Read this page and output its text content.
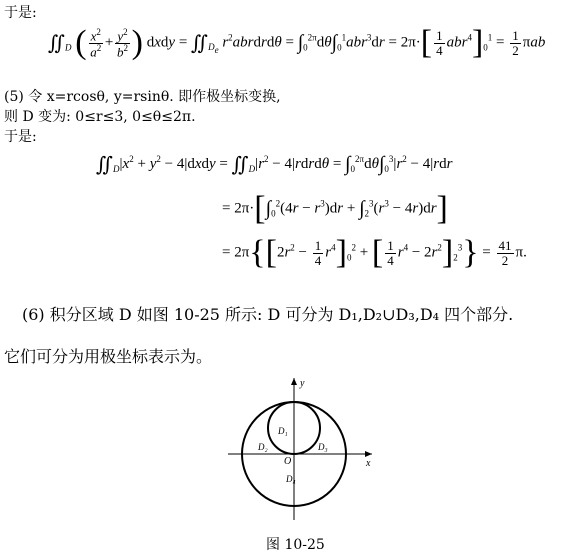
于是:
$∬_D$ ( $\frac{x^2}{a^2} + \frac{y^2}{b^2}$ ) dxdy = $∬_{D_e}$ $r^2abrdrd\theta = \int_0^{2\pi}d\theta\int_0^1abr^3dr = 2\pi\cdot[ \frac{1}{4} abr^4]_0^1 = \frac{1}{2}$ πab
(5) 令 x=rcosθ, y=rsinθ. 即作极坐标变换,
则 D 变为: 0≤r≤3, 0≤θ≤2π.
于是:
$∬_D|x^2 + y^2$ − 4|dxdy = $∬_D|r^2$ − 4|rdrdθ = $\int_0^{2\pi}d\theta\int_0^3|r^2 - 4|rdr$
= $2\pi\cdot[\int_0^2(4r - r^3)dr + \int_2^3(r^3 - 4r)dr]$
= $2\pi\{[2r^2 - \frac{1}{4} r^4]_0^2$ + [ $\frac{1}{4} r^4 - 2r^2]_2^3\} = \frac{41}{2} \pi$.
(6) 积分区域 D 如图 10-25 所示: D 可分为 D₁,D₂∪D₃,D₄ 四个部分.
它们可分为用极坐标表示为。
y
x
O
D₁
D₂	D₃
D₄
图 10-25
